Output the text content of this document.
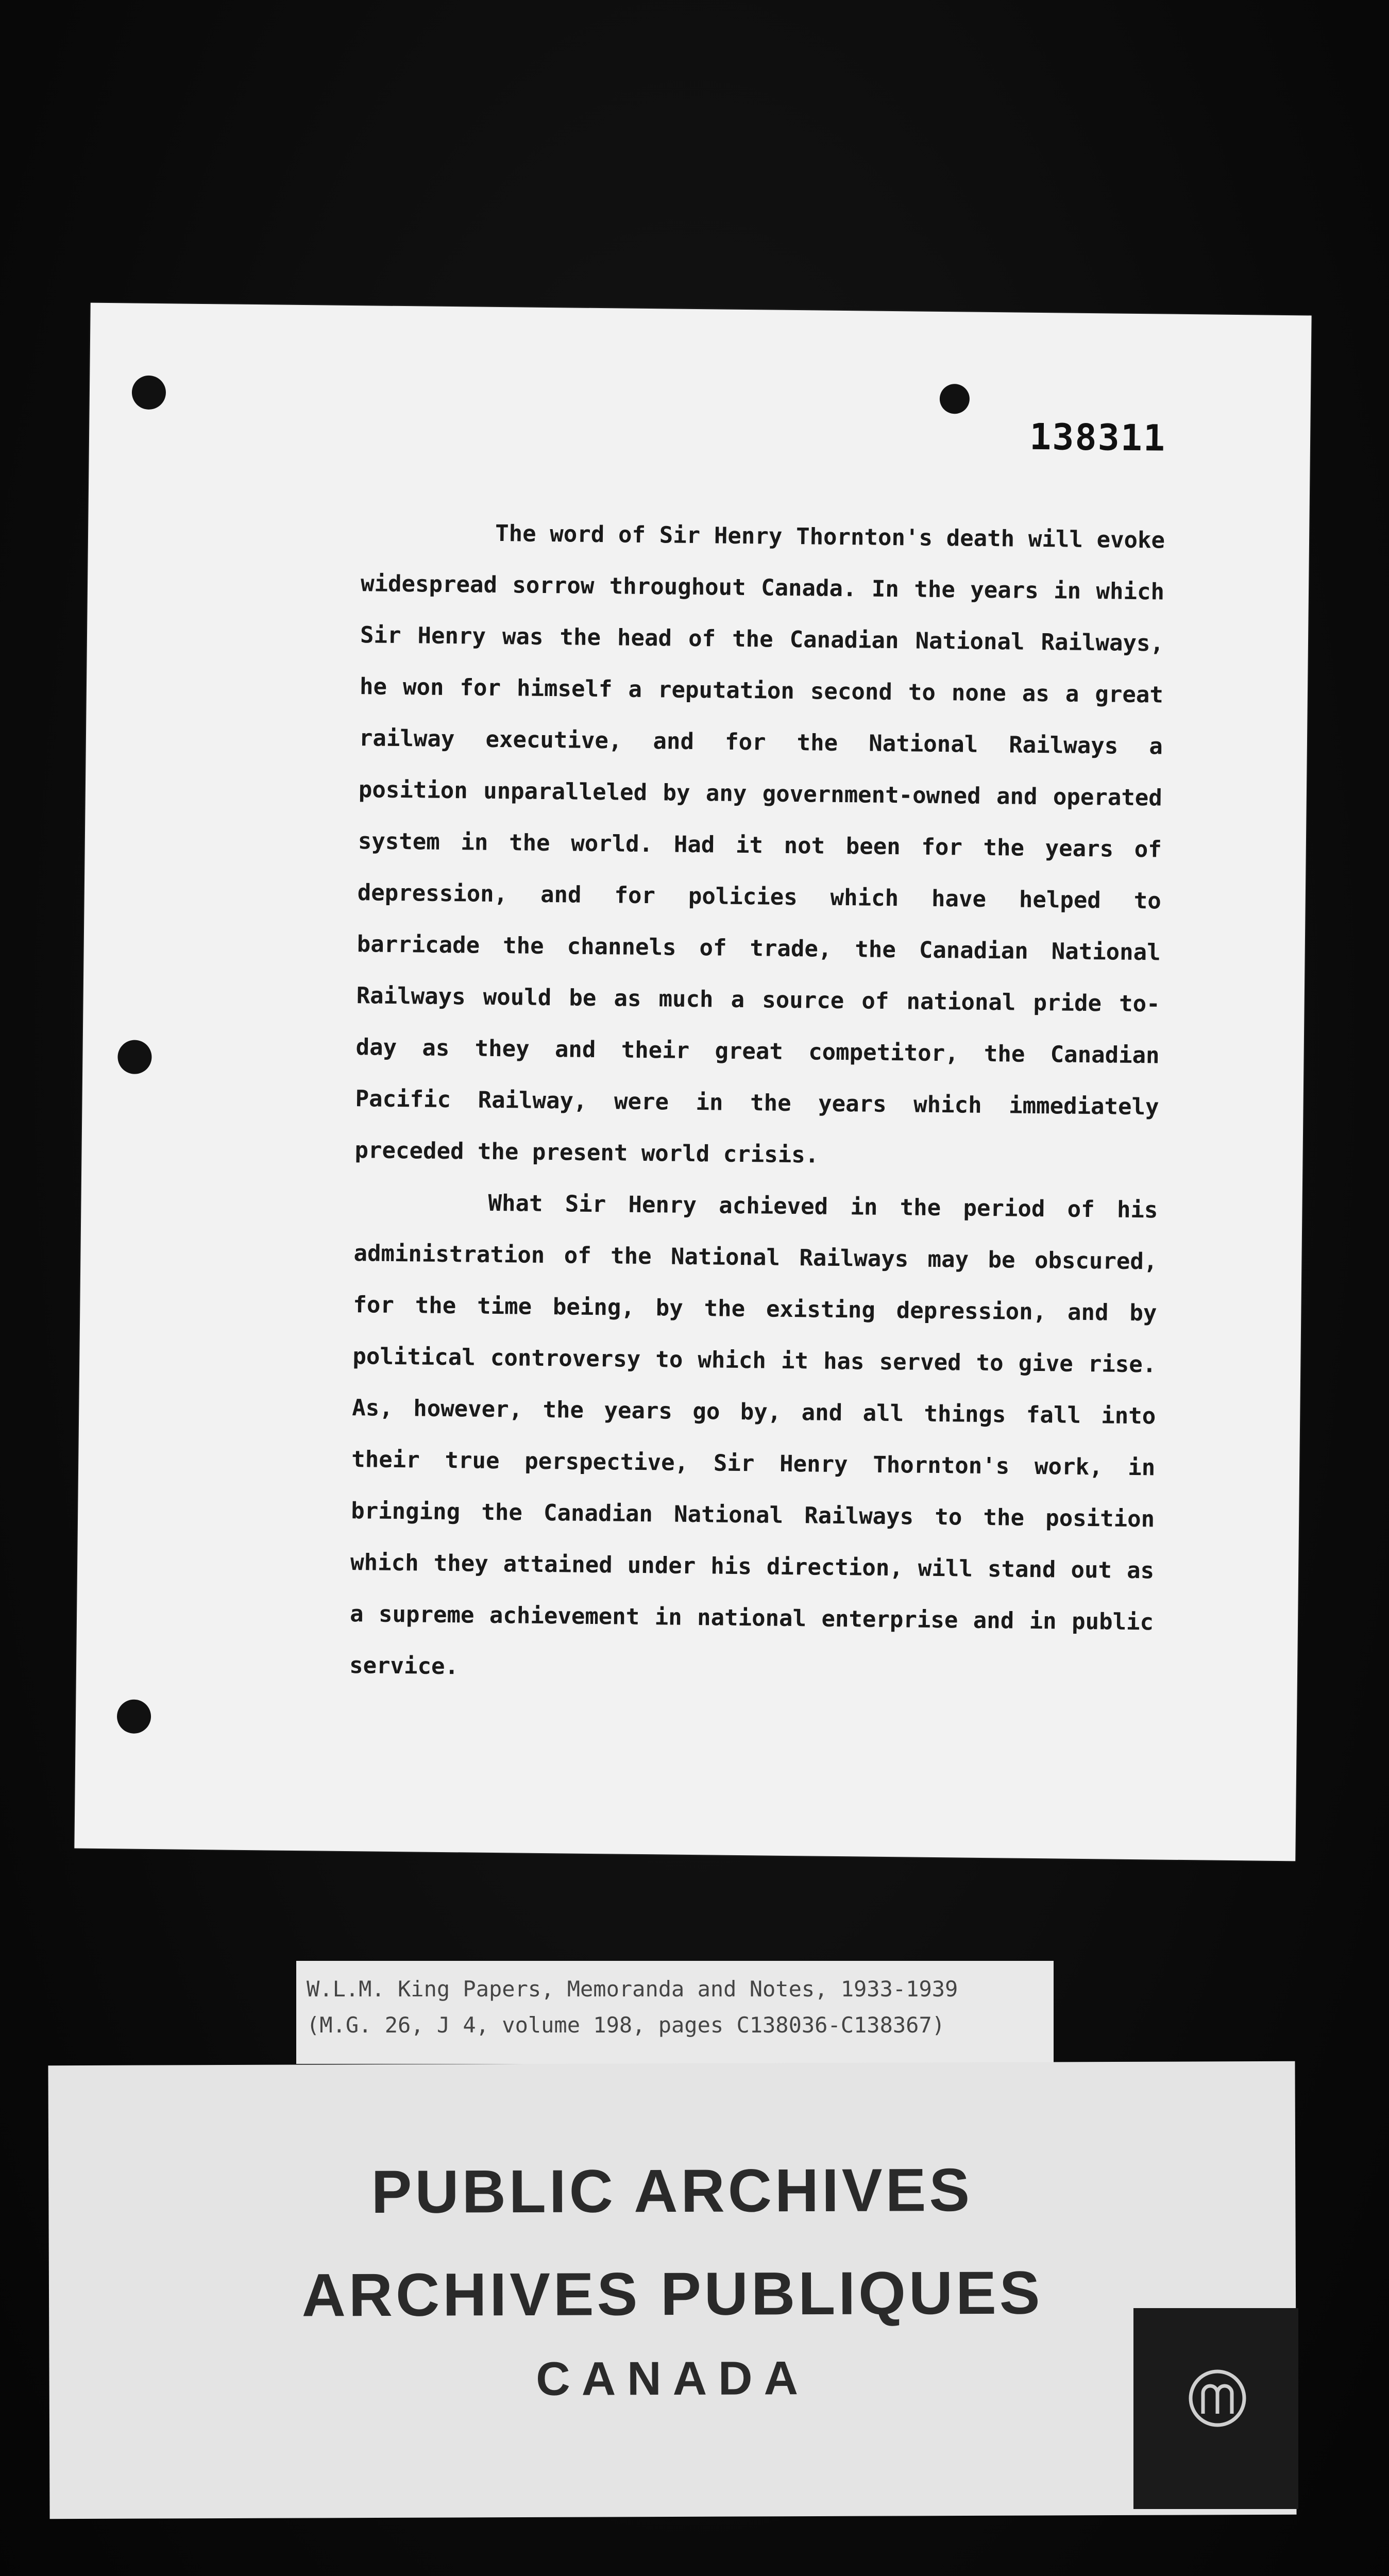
138311

The word of Sir Henry Thornton's death will evoke widespread sorrow throughout Canada. In the years in which Sir Henry was the head of the Canadian National Railways, he won for himself a reputation second to none as a great railway executive, and for the National Railways a position unparalleled by any government-owned and operated system in the world. Had it not been for the years of depression, and for policies which have helped to barricade the channels of trade, the Canadian National Railways would be as much a source of national pride to-day as they and their great competitor, the Canadian Pacific Railway, were in the years which immediately preceded the present world crisis.

What Sir Henry achieved in the period of his administration of the National Railways may be obscured, for the time being, by the existing depression, and by political controversy to which it has served to give rise. As, however, the years go by, and all things fall into their true perspective, Sir Henry Thornton's work, in bringing the Canadian National Railways to the position which they attained under his direction, will stand out as a supreme achievement in national enterprise and in public service.

W.L.M. King Papers, Memoranda and Notes, 1933-1939
(M.G. 26, J 4, volume 198, pages C138036-C138367)
PUBLIC ARCHIVES
ARCHIVES PUBLIQUES
CANADA
